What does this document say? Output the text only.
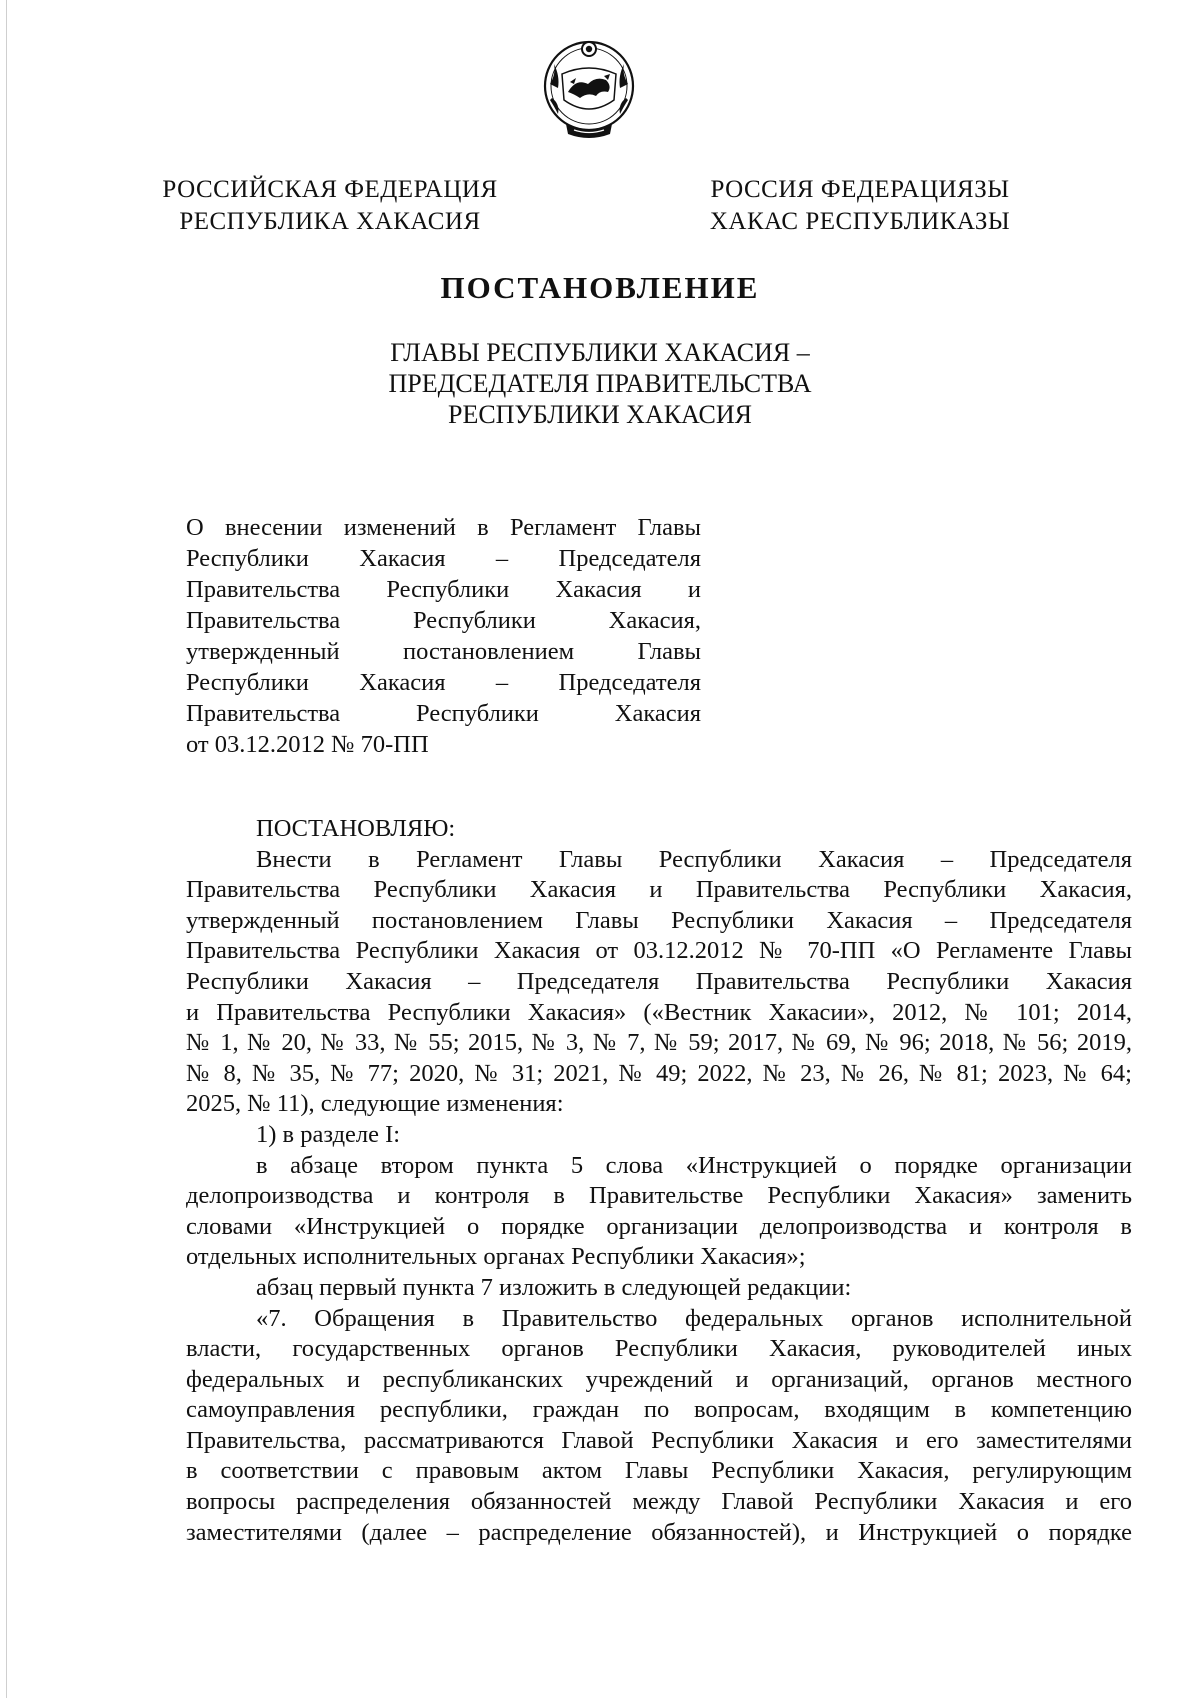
РОССИЙСКАЯ ФЕДЕРАЦИЯ
РЕСПУБЛИКА ХАКАСИЯ
РОССИЯ ФЕДЕРАЦИЯЗЫ
ХАКАС РЕСПУБЛИКАЗЫ
ПОСТАНОВЛЕНИЕ
ГЛАВЫ РЕСПУБЛИКИ ХАКАСИЯ –
ПРЕДСЕДАТЕЛЯ ПРАВИТЕЛЬСТВА
РЕСПУБЛИКИ ХАКАСИЯ
О внесении изменений в Регламент Главы
Республики Хакасия – Председателя
Правительства Республики Хакасия и
Правительства Республики Хакасия,
утвержденный постановлением Главы
Республики Хакасия – Председателя
Правительства Республики Хакасия
от 03.12.2012 № 70-ПП
ПОСТАНОВЛЯЮ:
Внести в Регламент Главы Республики Хакасия – Председателя
Правительства Республики Хакасия и Правительства Республики Хакасия,
утвержденный постановлением Главы Республики Хакасия – Председателя
Правительства Республики Хакасия от 03.12.2012 № 70-ПП «О Регламенте Главы
Республики Хакасия – Председателя Правительства Республики Хакасия
и Правительства Республики Хакасия» («Вестник Хакасии», 2012, № 101; 2014,
№ 1, № 20, № 33, № 55; 2015, № 3, № 7, № 59; 2017, № 69, № 96; 2018, № 56; 2019,
№ 8, № 35, № 77; 2020, № 31; 2021, № 49; 2022, № 23, № 26, № 81; 2023, № 64;
2025, № 11), следующие изменения:
1) в разделе I:
в абзаце втором пункта 5 слова «Инструкцией о порядке организации
делопроизводства и контроля в Правительстве Республики Хакасия» заменить
словами «Инструкцией о порядке организации делопроизводства и контроля в
отдельных исполнительных органах Республики Хакасия»;
абзац первый пункта 7 изложить в следующей редакции:
«7. Обращения в Правительство федеральных органов исполнительной
власти, государственных органов Республики Хакасия, руководителей иных
федеральных и республиканских учреждений и организаций, органов местного
самоуправления республики, граждан по вопросам, входящим в компетенцию
Правительства, рассматриваются Главой Республики Хакасия и его заместителями
в соответствии с правовым актом Главы Республики Хакасия, регулирующим
вопросы распределения обязанностей между Главой Республики Хакасия и его
заместителями (далее – распределение обязанностей), и Инструкцией о порядке
